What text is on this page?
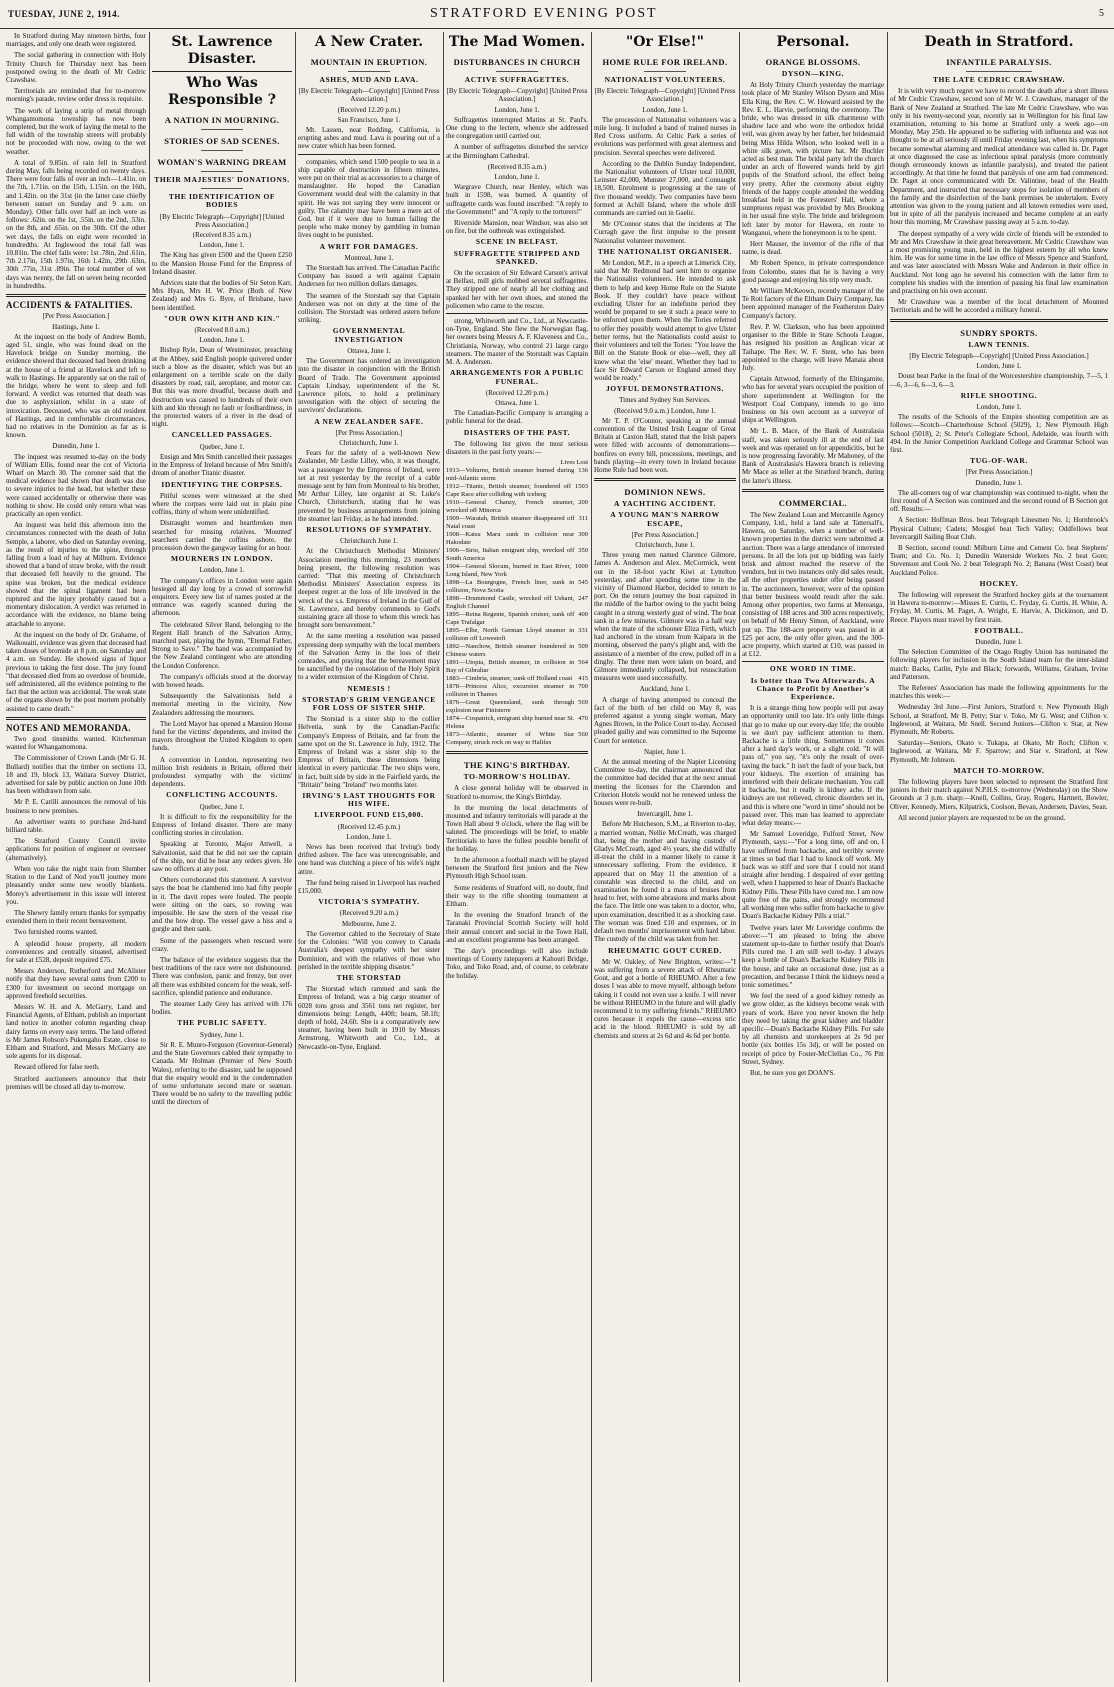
TUESDAY, JUNE 2, 1914.	STRATFORD EVENING POST	5

In Stratford during May nineteen births, four marriages, and only one death were registered.

The social gathering in connection with Holy Trinity Church for Thursday next has been postponed owing to the death of Mr Cedric Crawshaw.

Territorials are reminded that for to-morrow morning's parade, review order dress is requisite.

The work of laying a strip of metal through Whangamomona township has now been completed, but the work of laying the metal to the full width of the township streets will probably not be proceeded with now, owing to the wet weather.

A total of 9.85in. of rain fell in Stratford during May, falls being recorded on twenty days. There were four falls of over an inch—1.41in. on the 7th, 1.71in. on the 15th, 1.15in. on the 16th, and 1.42in. on the 31st (in the latter case chiefly between sunset on Sunday and 9 a.m. on Monday). Other falls over half an inch were as follows: .62in. on the 1st, .55in. on the 2nd, .53in. on the 8th, and .65in. on the 30th. Of the other wet days, the falls on eight were recorded in hundredths. At Inglewood the total fall was 10.81in. The chief falls were: 1st .78in, 2nd .61in, 7th 2.17in, 15th 1.97in, 16th 1.42in, 29th .63in, 30th .77in, 31st .89in. The total number of wet days was twenty, the fall on seven being recorded in hundredths.

ACCIDENTS & FATALITIES.
[Per Press Association.]
Hastings, June 1.

At the inquest on the body of Andrew Bomb, aged 51, single, who was found dead on the Havelock bridge on Sunday morning, the evidence showed that deceased had been drinking at the house of a friend at Havelock and left to walk to Hastings. He apparently sat on the rail of the bridge, where he went to sleep and fell forward. A verdict was returned that death was due to asphyxiation, whilst in a state of intoxication. Deceased, who was an old resident of Hastings, and in comfortable circumstances, had no relatives in the Dominion as far as is known.

Dunedin, June 1.

The inquest was resumed to-day on the body of William Ellis, found near the cot of Victoria Wharf on March 30. The coroner said that the medical evidence had shown that death was due to severe injuries to the head, but whether these were caused accidentally or otherwise there was nothing to show. He could only return what was practically an open verdict.

An inquest was held this afternoon into the circumstances connected with the death of John Semple, a laborer, who died on Saturday evening, as the result of injuries to the spine, through falling from a load of hay at Milburn. Evidence showed that a band of straw broke, with the result that deceased fell heavily to the ground. The spine was broken, but the medical evidence showed that the spinal ligament had been ruptured and the injury probably caused but a momentary dislocation. A verdict was returned in accordance with the evidence, no blame being attachable to anyone.

At the inquest on the body of Dr. Grahame, of Waikouaiti, evidence was given that deceased had taken doses of bromide at 8 p.m. on Saturday and 4 a.m. on Sunday. He showed signs of liquor previous to taking the first dose. The jury found "that deceased died from an overdose of bromide, self administered, all the evidence pointing to the fact that the action was accidental. The weak state of the organs shown by the post mortem probably assisted to cause death."

NOTES AND MEMORANDA.

Two good tinsmiths wanted. Kitchenman wanted for Whangamomona.

The Commissioner of Crown Lands (Mr G. H. Bullard) notifies that the timber on sections 13, 18 and 19, block 13, Waitara Survey District, advertised for sale by public auction on June 10th has been withdrawn from sale.

Mr P. E. Carilli announces the removal of his business to new premises.

An advertiser wants to purchase 2nd-hand billiard table.

The Stratford County Council invite applications for position of engineer or overseer (alternatively).

When you take the night train from Slumber Station to the Land of Nod you'll journey more pleasantly under some new woolly blankets. Morey's advertisement in this issue will interest you.

The Shewry family return thanks for sympathy extended them in their recent bereavement.

Two furnished rooms wanted.

A splendid house property, all modern conveniences and centrally situated, advertised for sale at £528, deposit required £75.

Messrs Anderson, Rutherford and McAlister notify that they have several sums from £200 to £300 for investment on second mortgage on approved freehold securities.

Messrs W. H. and A. McGarry, Land and Financial Agents, of Eltham, publish an important land notice in another column regarding cheap dairy farms on every easy terms. The land offered is Mr James Robson's Pukengahu Estate, close to Eltham and Stratford, and Messrs McGarry are sole agents for its disposal.

Reward offered for false teeth.

Stratford auctioneers announce that their premises will be closed all day to-morrow.

St. Lawrence Disaster.
Who Was Responsible ?
A NATION IN MOURNING.
STORIES OF SAD SCENES.
WOMAN'S WARNING DREAM
THEIR MAJESTIES' DONATIONS.
THE IDENTIFICATION OF BODIES
[By Electric Telegraph—Copyright] [United Press Association.]
(Received 8.35 a.m.)
London, June 1.

The King has given £500 and the Queen £250 to the Mansion House Fund for the Empress of Ireland disaster.

Advices state that the bodies of Sir Seton Karr, Mrs Hyan, Mrs H. W. Price (Both of New Zealand) and Mrs G. Byre, of Brisbane, have been identified.

"OUR OWN KITH AND KIN."
(Received 8.0 a.m.)
London, June 1.

Bishop Ryle, Dean of Westminster, preaching at the Abbey, said English people quivered under such a blow as the disaster, which was but an enlargement on a terrible scale on the daily disasters by road, rail, aeroplane, and motor car. But this was more dreadful, because death and destruction was caused to hundreds of their own kith and kin through no fault or foolhardiness, in the protected waters of a river in the dead of night.

CANCELLED PASSAGES.
Quebec, June 1.

Ensign and Mrs Smith cancelled their passages in the Empress of Ireland because of Mrs Smith's dream of another Titanic disaster.

IDENTIFYING THE CORPSES.

Pitiful scenes were witnessed at the shed where the corpses were laid out in plain pine coffins, thirty of whom were unidentified.

Distraught women and heartbroken men searched for missing relatives. 'Mounted' searchers carried the coffins ashore, the procession down the gangway lasting for an hour.

MOURNERS IN LONDON.
London, June 1.

The company's offices in London were again besieged all day long by a crowd of sorrowful enquirers. Every new list of names posted at the entrance was eagerly scanned during the afternoon.

The celebrated Silver Band, belonging to the Regent Hall branch of the Salvation Army, marched past, playing the hymn, "Eternal Father, Strong to Save." The band was accompanied by the New Zealand contingent who are attending the London Conference.

The company's officials stood at the doorway with bowed heads.

Subsequently the Salvationists held a memorial meeting in the vicinity, New Zealanders addressing the mourners.

The Lord Mayor has opened a Mansion House fund for the victims' dependents, and invited the mayors throughout the United Kingdom to open funds.

A convention in London, representing two million Irish residents in Britain, offered their profoundest sympathy with the victims' dependents.

CONFLICTING ACCOUNTS.
Quebec, June 1.

It is difficult to fix the responsibility for the Empress of Ireland disaster. There are many conflicting stories in circulation.

Speaking at Toronto, Major Attwell, a Salvationist, said that he did not see the captain of the ship, nor did he hear any orders given. He saw no officers at any post.

Others corroborated this statement. A survivor says the boat he clambered into had fifty people in it. The davit ropes were fouled. The people were sitting on the oars, so rowing was impossible. He saw the stern of the vessel rise and the bow drop. The vessel gave a hiss and a gurgle and then sank.

Some of the passengers when rescued were crazy.

The balance of the evidence suggests that the best traditions of the race were not dishonoured. There was confusion, panic and frenzy, but over all there was exhibited concern for the weak, self-sacrifice, splendid patience and endurance.

The steamer Lady Grey has arrived with 176 bodies.

THE PUBLIC SAFETY.
Sydney, June 1.

Sir R. E. Munro-Ferguson (Governor-General) and the State Governors cabled their sympathy to Canada. Mr Holman (Premier of New South Wales), referring to the disaster, said he supposed that the enquiry would end in the condemnation of some unfortunate second mate or seaman. There would be no safety to the travelling public until the directors of

A New Crater.
MOUNTAIN IN ERUPTION.
ASHES, MUD AND LAVA.
[By Electric Telegraph—Copyright] [United Press Association.]
(Received 12.20 p.m.)
San Francisco, June 1.

Mt. Lassen, near Redding, California, is erupting ashes and mud. Lava is pouring out of a new crater which has been formed.

companies, which send 1500 people to sea in a ship capable of destruction in fifteen minutes, were put on their trial as accessories to a charge of manslaughter. He hoped the Canadian Government would deal with the calamity in that spirit. He was not saying they were innocent or guilty. The calamity may have been a mere act of God, but if it were due to human failing the people who make money by gambling in human lives ought to be punished.

A WRIT FOR DAMAGES.
Montreal, June 1.

The Storstadt has arrived. The Canadian Pacific Company has issued a writ against Captain Andersen for two million dollars damages.

The seamen of the Storstadt say that Captain Andersen was not on duty at the time of the collision. The Storstadt was ordered astern before striking.

GOVERNMENTAL INVESTIGATION
Ottawa, June 1.

The Government has ordered an investigation into the disaster in conjunction with the British Board of Trade. The Government appointed Captain Lindsay, superintendent of the St. Lawrence pilots, to hold a preliminary investigation with the object of securing the survivors' declarations.

A NEW ZEALANDER SAFE.
[Per Press Association.]
Christchurch, June 1.

Fears for the safety of a well-known New Zealander, Mr Leslie Lilley, who, it was thought, was a passenger by the Empress of Ireland, were set at rest yesterday by the receipt of a cable message sent by him from Montreal to his brother, Mr Arthur Lilley, late organist at St. Luke's Church, Christchurch, stating that he was prevented by business arrangements from joining the steamer last Friday, as he had intended.

RESOLUTIONS OF SYMPATHY.
Christchurch June 1.

At the Christchurch Methodist Ministers' Association meeting this morning, 23 members being present, the following resolution was carried: "That this meeting of Christchurch Methodist Ministers' Association express its deepest regret at the loss of life involved in the wreck of the s.s. Empress of Ireland in the Gulf of St. Lawrence, and hereby commends to God's sustaining grace all those to whom this wreck has brought sore bereavement."

At the same meeting a resolution was passed expressing deep sympathy with the local members of the Salvation Army in the loss of their comrades, and praying that the bereavement may be sanctified by the consolation of the Holy Spirit to a wider extension of the Kingdom of Christ.

NEMESIS !
STORSTAD'S GRIM VENGEANCE FOR LOSS OF SISTER SHIP.

The Storstad is a sister ship to the collier Helvetia, sunk by the Canadian-Pacific Company's Empress of Britain, and far from the same spot on the St. Lawrence in July, 1912. The Empress of Ireland was a sister ship to the Empress of Britain, these dimensions being identical in every particular. The two ships were, in fact, built side by side in the Fairfield yards, the "Britain" being "Ireland" two months later.

IRVING'S LAST THOUGHTS FOR HIS WIFE.
LIVERPOOL FUND £15,000.
(Received 12.45 p.m.)
London, June 1.

News has been received that Irving's body drifted ashore. The face was unrecognisable, and one hand was clutching a piece of his wife's night attire.

The fund being raised in Liverpool has reached £15,000.

VICTORIA'S SYMPATHY.
(Received 9.20 a.m.)
Melbourne, June 2.

The Governor cabled to the Secretary of State for the Colonies: "Will you convey to Canada Australia's deepest sympathy with her sister Dominion, and with the relatives of those who perished in the terrible shipping disaster."

THE STORSTAD

The Storstad which rammed and sank the Empress of Ireland, was a big cargo steamer of 6028 tons gross and 3561 tons net register, her dimensions being: Length, 440ft; beam, 58.1ft; depth of hold, 24.6ft. She is a comparatively new steamer, having been built in 1910 by Messrs Armstrong, Whitworth and Co., Ltd., at Newcastle-on-Tyne, England.

The Mad Women.
DISTURBANCES IN CHURCH
ACTIVE SUFFRAGETTES.
[By Electric Telegraph—Copyright] [United Press Association.]
London, June 1.

Suffragettes interrupted Matins at St. Paul's. One clung to the lectern, whence she addressed the congregation until carried out.

A number of suffragettes disturbed the service at the Birmingham Cathedral.

(Received 8.35 a.m.)
London, June 1.

Wargrave Church, near Henley, which was built in 1598, was burned. A quantity of suffragette cards was found inscribed: "A reply to the Government!" and "A reply to the torturers!"

Riverside Mansion, near Windsor, was also set on fire, but the outbreak was extinguished.

SCENE IN BELFAST.
SUFFRAGETTE STRIPPED AND SPANKED.

On the occasion of Sir Edward Carson's arrival at Belfast, mill girls mobbed several suffragettes. They stripped one of nearly all her clothing and spanked her with her own shoes, and stoned the policemen who came to the rescue.

strong, Whitworth and Co., Ltd., at Newcastle-on-Tyne, England. She flew the Norwegian flag, her owners being Messrs A. F. Klaveness and Co., Christiania, Norway, who control 21 large cargo steamers. The master of the Storstadt was Captain M. A. Andersen.

ARRANGEMENTS FOR A PUBLIC FUNERAL.
(Received 12.20 p.m.)
Ottawa, June 1.

The Canadian-Pacific Company is arranging a public funeral for the dead.

DISASTERS OF THE PAST.

The following list gives the most serious disasters in the past forty years:—

Lives Lost
1913—Volturno, British steamer burned during mid-Atlantic storm
136
1912—Titanic, British steamer, foundered off Cape Race after colliding with iceberg
1503
1910—General Chanzy, French steamer, wrecked off Minorca
200
1909—Waratah, British steamer disappeared off Natal coast
311
1908—Katsu Maru sunk in collision near Hakodate
300
1906—Sirio, Italian emigrant ship, wrecked off South America
350
1904—General Slocum, burned in East River, Long Island, New York
1000
1898—La Bourgogne, French liner, sunk in collision, Nova Scotia
545
1898—Drummond Castle, wrecked off Ushant, English Channel
247
1895—Reina Regente, Spanish cruiser, sunk off Cape Trafalgar
400
1895—Elbe, North German Lloyd steamer in collision off Lowestoft
331
1892—Nanchow, British steamer foundered in Chinese waters
509
1891—Utopia, British steamer, in collision in Bay of Gibraltar
564
1883—Cimbria, steamer, sunk off Holland coast 415
1878—Princess Alice, excursion steamer in collision in Thames
700
1876—Great Queensland, sunk through explosion near Finisterre
569
1874—Cospatrick, emigrant ship burned near St. Helena
470
1873—Atlantic, steamer of White Star Company, struck rock on way to Halifax
560
THE KING'S BIRTHDAY.
TO-MORROW'S HOLIDAY.

A close general holiday will be observed in Stratford to-morrow, the King's Birthday.

In the morning the local detachments of mounted and infantry territorials will parade at the Town Hall about 9 o'clock, where the flag will be saluted. The proceedings will be brief, to enable Territorials to have the fullest possible benefit of the holiday.

In the afternoon a football match will be played between the Stratford first juniors and the New Plymouth High School team.

Some residents of Stratford will, no doubt, find their way to the rifle shooting tournament at Eltham.

In the evening the Stratford branch of the Taranaki Provincial Scottish Society will hold their annual concert and social in the Town Hall, and an excellent programme has been arranged.

The day's proceedings will also include meetings of County ratepayers at Kahouri Bridge, Toko, and Toko Road, and, of course, to celebrate the holiday.

"Or Else!"
HOME RULE FOR IRELAND.
NATIONALIST VOLUNTEERS.
[By Electric Telegraph—Copyright] [United Press Association.]
London, June 1.

The procession of Nationalist volunteers was a mile long. It included a band of trained nurses in Red Cross uniform. At Celtic Park a series of evolutions was performed with great alertness and precision. Several speeches were delivered.

According to the Dublin Sunday Independent, the Nationalist volunteers of Ulster total 10,000, Leinster 42,000, Munster 27,000, and Connaught 18,500. Enrolment is progressing at the rate of five thousand weekly. Two companies have been formed at Achill Island, where the whole drill commands are carried out in Gaelic.

Mr O'Connor states that the incidents at The Curragh gave the first impulse to the present Nationalist volunteer movement.

THE NATIONALIST ORGANISER.

Mr London, M.P., in a speech at Limerick City, said that Mr Redmond had sent him to organise the Nationalist volunteers. He intended to ask them to help and keep Home Rule on the Statute Book. If they couldn't have peace without excluding Ulster for an indefinite period they would be prepared to see it such a peace were to be enforced upon them. When the Tories referred to offer they possibly would attempt to give Ulster better terms, but the Nationalists could assist to their volunteers and tell the Tories: "You leave the Bill on the Statute Book or else—well, they all knew what the 'else' meant. Whether they had to face Sir Edward Carson or England armed they would be ready."

JOYFUL DEMONSTRATIONS.
Times and Sydney Sun Services.
(Received 9.0 a.m.) London, June 1.

Mr T. P. O'Connor, speaking at the annual convention of the United Irish League of Great Britain at Caxton Hall, stated that the Irish papers were filled with accounts of demonstrations—bonfires on every hill, processions, meetings, and bands playing—in every town in Ireland because Home Rule had been won.

DOMINION NEWS.
A YACHTING ACCIDENT.
A YOUNG MAN'S NARROW ESCAPE,
[Per Press Association.]
Christchurch, June 1.

Three young men named Clarence Gilmore, James A. Anderson and Alex. McCormick, went out in the 18-foot yacht Kiwi at Lyttelton yesterday, and after spending some time in the vicinity of Diamond Harbor, decided to return to port. On the return journey the boat capsized in the middle of the harbor owing to the yacht being caught in a strong westerly gust of wind. The boat sank in a few minutes. Gilmore was in a half way when the mate of the schooner Eliza Firth, which had anchored in the stream from Kaipara in the morning, observed the party's plight and, with the assistance of a member of the crew, pulled off in a dinghy. The three men were taken on board, and Gilmore immediately collapsed, but resuscitation measures were used successfully.

Auckland, June 1.

A charge of having attempted to conceal the fact of the birth of her child on May 8, was preferred against a young single woman, Mary Agnes Brown, in the Police Court to-day. Accused pleaded guilty and was committed to the Supreme Court for sentence.

Napier, June 1.

At the annual meeting of the Napier Licensing Committee to-day, the chairman announced that the committee had decided that at the next annual meeting the licenses for the Clarendon and Criterion Hotels would not be renewed unless the houses were re-built.

Invercargill, June 1.

Before Mr Hutcheson, S.M., at Riverton to-day, a married woman, Nellie McCreath, was charged that, being the mother and having custody of Gladys McCreath, aged 4½ years, she did wilfully ill-treat the child in a manner likely to cause it unnecessary suffering. From the evidence, it appeared that on May 11 the attention of a constable was directed to the child, and on examination he found it a mass of bruises from head to feet, with some abrasions and marks about the face. The little one was taken to a doctor, who, upon examination, described it as a shocking case. The woman was fined £10 and expenses, or in default two months' imprisonment with hard labor. The custody of the child was taken from her.

RHEUMATIC GOUT CURED.

Mr W. Oakley, of New Brighton, writes:—"I was suffering from a severe attack of Rheumatic Gout, and got a bottle of RHEUMO. After a few doses I was able to move myself, although before taking it I could not even use a knife. I will never be without RHEUMO in the future and will gladly recommend it to my suffering friends." RHEUMO cures because it expels the cause—excess uric acid in the blood. RHEUMO is sold by all chemists and stores at 2s 6d and 4s 6d per bottle.

Personal.
ORANGE BLOSSOMS.
DYSON—KING.

At Holy Trinity Church yesterday the marriage took place of Mr Stanley Wilson Dyson and Miss Ella King, the Rev. C. W. Howard assisted by the Rev. E. L. Harvie, performing the ceremony. The bride, who was dressed in silk charmeuse with shadow lace and who wore the orthodox bridal veil, was given away by her father, her bridesmaid being Miss Hilda Wilson, who looked well in a white silk gown, with picture hat. Mr Buchler acted as best man. The bridal party left the church under an arch of flowered wands held by girl pupils of the Stratford school, the effect being very pretty. After the ceremony about eighty friends of the happy couple attended the wedding breakfast held in the Foresters' Hall, where a sumptuous repast was provided by Mrs Brooking in her usual fine style. The bride and bridegroom left later by motor for Hawera, en route to Wanganui, where the honeymoon is to be spent.

Herr Mauser, the inventor of the rifle of that name, is dead.

Mr Robert Spence, in private correspondence from Colombo, states that he is having a very good passage and enjoying his trip very much.

Mr William McKeown, recently manager of the Te Roti factory of the Eltham Dairy Company, has been appointed manager of the Featherston Dairy Company's factory.

Rev. P. W. Clarkson, who has been appointed organiser to the Bible in State Schools League, has resigned his position as Anglican vicar at Taihape. The Rev. W. F. Stent, who has been appointed to the charge, will leave Manaia about July.

Captain Attwood, formerly of the Eltingamite, who has for several years occupied the position of shore superintendent at Wellington for the Westport Coal Company, intends to go into business on his own account as a surveyor of ships at Wellington.

Mr L. B. Mace, of the Bank of Australasia staff, was taken seriously ill at the end of last week and was operated on for appendicitis, but he is now progressing favorably. Mr Mahoney, of the Bank of Australasia's Hawera branch is relieving Mr Mace as teller at the Stratford branch, during the latter's illness.

COMMERCIAL.

The New Zealand Loan and Mercantile Agency Company, Ltd., held a land sale at Tattersall's, Hawera, on Saturday, when a number of well-known properties in the district were submitted at auction. There was a large attendance of interested persons. In all the lots put up bidding was fairly brisk and almost reached the reserve of the vendors, but in two instances only did sales result, all the other properties under offer being passed in. The auctioneers, however, were of the opinion that better business would result after the sale. Among other properties, two farms at Mereanga, consisting of 188 acres and 300 acres respectively, on behalf of Mr Henry Simon, of Auckland, were put up. The 188-acre property was passed in at £25 per acre, the only offer given, and the 300-acre property, which started at £10, was passed in at £12.

ONE WORD IN TIME.
Is better than Two Afterwards. A Chance to Profit by Another's Experience.

It is a strange thing how people will put away an opportunity until too late. It's only little things that go to make up our every-day life; the trouble is we don't pay sufficient attention to them. Backache is a little thing. Sometimes it comes after a hard day's work, or a slight cold. "It will pass of," you say, "it's only the result of over-taxing the back." It isn't the fault of your back, but your kidneys. The exertion of straining has interfered with their delicate mechanism. You call it backache, but it really is kidney ache. If the kidneys are not relieved, chronic disorders set in, and this is where one "word in time" should not be passed over. This man has learned to appreciate what delay means:—

Mr Samuel Loveridge, Fulford Street, New Plymouth, says:—"For a long time, off and on, I have suffered from backache, and terribly severe at times so bad that I had to knock off work. My back was so stiff and sore that I could not stand straight after bending. I despaired of ever getting well, when I happened to hear of Doan's Backache Kidney Pills. These Pills have cured me. I am now quite free of the pains, and strongly recommend all working men who suffer from backache to give Doan's Backache Kidney Pills a trial."

Twelve years later Mr Loveridge confirms the above:—"I am pleased to bring the above statement up-to-date to further testify that Doan's Pills cured me. I am still well to-day. I always keep a bottle of Doan's Backache Kidney Pills in the house, and take an occasional dose, just as a precaution, and because I think the kidneys need a tonic sometimes."

We feel the need of a good kidney remedy as we grow older, as the kidneys become weak with years of work. Have you never known the help they need by taking the great kidney and bladder specific—Doan's Backache Kidney Pills. For sale by all chemists and storekeepers at 2s 9d per bottle (six bottles 15s 3d), or will be posted on receipt of price by Foster-McClellan Co., 76 Pitt Street, Sydney.

But, be sure you get DOAN'S.

Death in Stratford.
INFANTILE PARALYSIS.
THE LATE CEDRIC CRAWSHAW.

It is with very much regret we have to record the death after a short illness of Mr Cedric Crawshaw, second son of Mr W. J. Crawshaw, manager of the Bank of New Zealand at Stratford. The late Mr Cedric Crawshaw, who was only in his twenty-second year, recently sat in Wellington for his final law examination, returning to his home at Stratford only a week ago—on Monday, May 25th. He appeared to be suffering with influenza and was not thought to be at all seriously ill until Friday evening last, when his symptoms became somewhat alarming and medical attendance was called in. Dr. Paget at once diagnosed the case as infectious spinal paralysis (more commonly though erroneously known as infantile paralysis), and treated the patient accordingly. At that time he found that paralysis of one arm had commenced. Dr. Paget at once communicated with Dr. Valintine, head of the Health Department, and instructed that necessary steps for isolation of members of the family and the disinfection of the bank premises be undertaken. Every attention was given to the young patient and all known remedies were used, but in spite of all the paralysis increased and became complete at an early hour this morning, Mr Crawshaw passing away at 5 a.m. to-day.

The deepest sympathy of a very wide circle of friends will be extended to Mr and Mrs Crawshaw in their great bereavement. Mr Cedric Crawshaw was a most promising young man, held in the highest esteem by all who knew him. He was for some time in the law office of Messrs Spence and Stanford, and was later associated with Messrs Wake and Anderson in their office in Auckland. Not long ago he severed his connection with the latter firm to complete his studies with the intention of passing his final law examination and practising on his own account.

Mr Crawshaw was a member of the local detachment of Mounted Territorials and he will be accorded a military funeral.

SUNDRY SPORTS.
LAWN TENNIS.
[By Electric Telegraph—Copyright] [United Press Association.]
London, June 1.

Doust beat Parke in the final of the Worcestershire championship, 7—5, 1—6, 3—6, 6—3, 6—3.

RIFLE SHOOTING.
London, June 1.

The results of the Schools of the Empire shooting competition are as follows:—Scotch—Charterhouse School (5029), 1; New Plymouth High School (5018), 2; St. Peter's Collegiate School, Adelaide, was fourth with 494. In the Junior Competition Auckland College and Grammar School was first.

TUG-OF-WAR.
[Per Press Association.]
Dunedin, June 1.

The all-comers tug of war championship was continued to-night, when the first round of A Section was continued and the second round of B Section got off. Results:—

A Section: Hoffman Bros. beat Telegraph Linesmen No. 1; Hornbrook's Physical Culture; Cadets; Mosgiel beat Tech Valley; Oddfellows beat Invercargill Sailing Boat Club.

B Section, second round: Milburn Lime and Cement Co. beat Stephens' Team; and Co. No. 1; Dunedin Waterside Workers No. 2 beat Gore; Stevenson and Cook No. 2 beat Telegraph No. 2; Banana (West Coast) beat Auckland Police.

HOCKEY.

The following will represent the Stratford hockey girls at the tournament in Hawera to-morrow:—Misses E. Curtis, C. Fryday, G. Curtis, H. White, A. Fryday, M. Curtis, M. Paget, A. Wright, E. Harvie, A. Dickinson, and D. Reece. Players must travel by first train.

FOOTBALL.
Dunedin, June 1.

The Selection Committee of the Otago Rugby Union has nominated the following players for inclusion in the South Island team for the inter-island match: Backs, Catlin, Pyle and Black; forwards, Williams, Graham, Irvine and Patterson.

The Referees' Association has made the following appointments for the matches this week:—

Wednesday 3rd June.—First Juniors, Stratford v. New Plymouth High School, at Stratford, Mr B. Petty; Star v. Toko, Mr G. West; and Clifton v. Inglewood, at Waitara, Mr Snell. Second Juniors—Clifton v. Star, at New Plymouth, Mr Roberts.

Saturday—Seniors, Okato v. Tukapa, at Okato, Mr Roch; Clifton v. Inglewood, at Waitara, Mr F. Sparrow; and Star v. Stratford, at New Plymouth, Mr Johnson.

MATCH TO-MORROW.

The following players have been selected to represent the Stratford first juniors in their match against N.P.H.S. to-morrow (Wednesday) on the Show Grounds at 3 p.m. sharp:—Knell, Collins, Gray, Rogers, Hartnett, Bowler, Oliver, Kennedy, Miers, Kilpatrick, Coolson, Bevan, Andersen, Davies, Sean.

All second junior players are requested to be on the ground.
